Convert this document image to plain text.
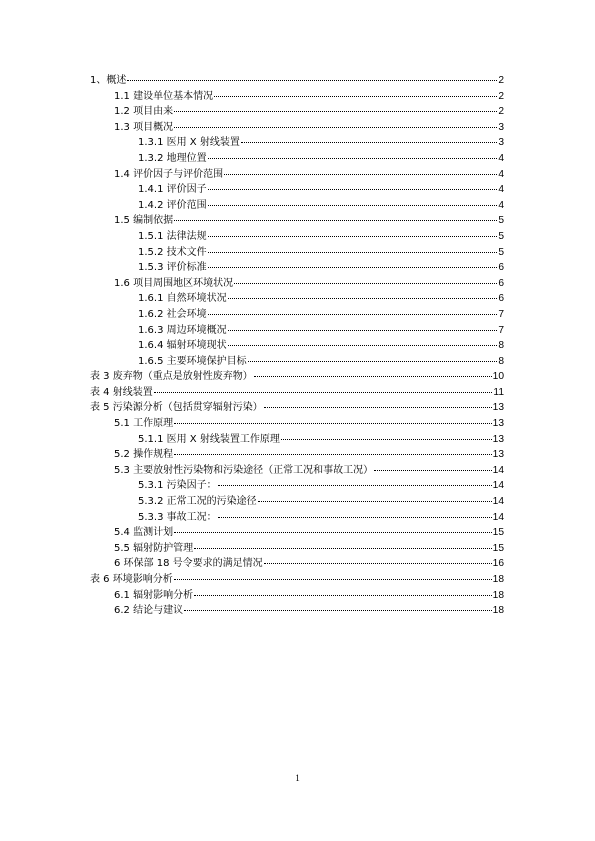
1、概述	2
1.1 建设单位基本情况	2
1.2 项目由来	2
1.3 项目概况	3
1.3.1 医用 X 射线装置	3
1.3.2 地理位置	4
1.4 评价因子与评价范围	4
1.4.1 评价因子	4
1.4.2 评价范围	4
1.5 编制依据	5
1.5.1 法律法规	5
1.5.2 技术文件	5
1.5.3 评价标准	6
1.6 项目周围地区环境状况	6
1.6.1 自然环境状况	6
1.6.2 社会环境	7
1.6.3 周边环境概况	7
1.6.4 辐射环境现状	8
1.6.5 主要环境保护目标	8
表 3 废弃物（重点是放射性废弃物）	10
表 4 射线装置	11
表 5 污染源分析（包括贯穿辐射污染）	13
5.1 工作原理	13
5.1.1 医用 X 射线装置工作原理	13
5.2 操作规程	13
5.3 主要放射性污染物和污染途径（正常工况和事故工况）	14
5.3.1 污染因子：	14
5.3.2 正常工况的污染途径	14
5.3.3 事故工况：	14
5.4 监测计划	15
5.5 辐射防护管理	15
6 环保部 18 号令要求的满足情况	16
表 6 环境影响分析	18
6.1 辐射影响分析	18
6.2 结论与建议	18
1
